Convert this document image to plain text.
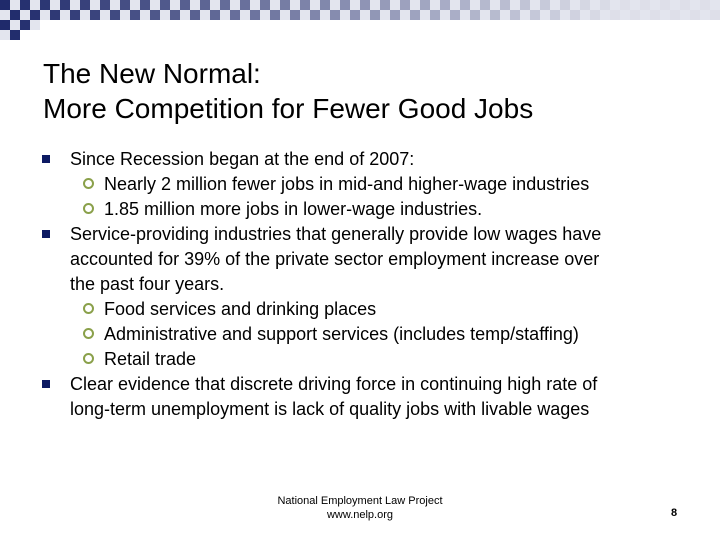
The New Normal:
More Competition for Fewer Good Jobs
Since Recession began at the end of 2007:
Nearly 2 million fewer jobs in mid-and higher-wage industries
1.85 million more jobs in lower-wage industries.
Service-providing industries that generally provide low wages have
accounted for 39% of the private sector employment increase over
the past four years.
Food services and drinking places
Administrative and support services (includes temp/staffing)
Retail trade
Clear evidence that discrete driving force in continuing high rate of
long-term unemployment is lack of quality jobs with livable wages
National Employment Law Project
www.nelp.org	8
